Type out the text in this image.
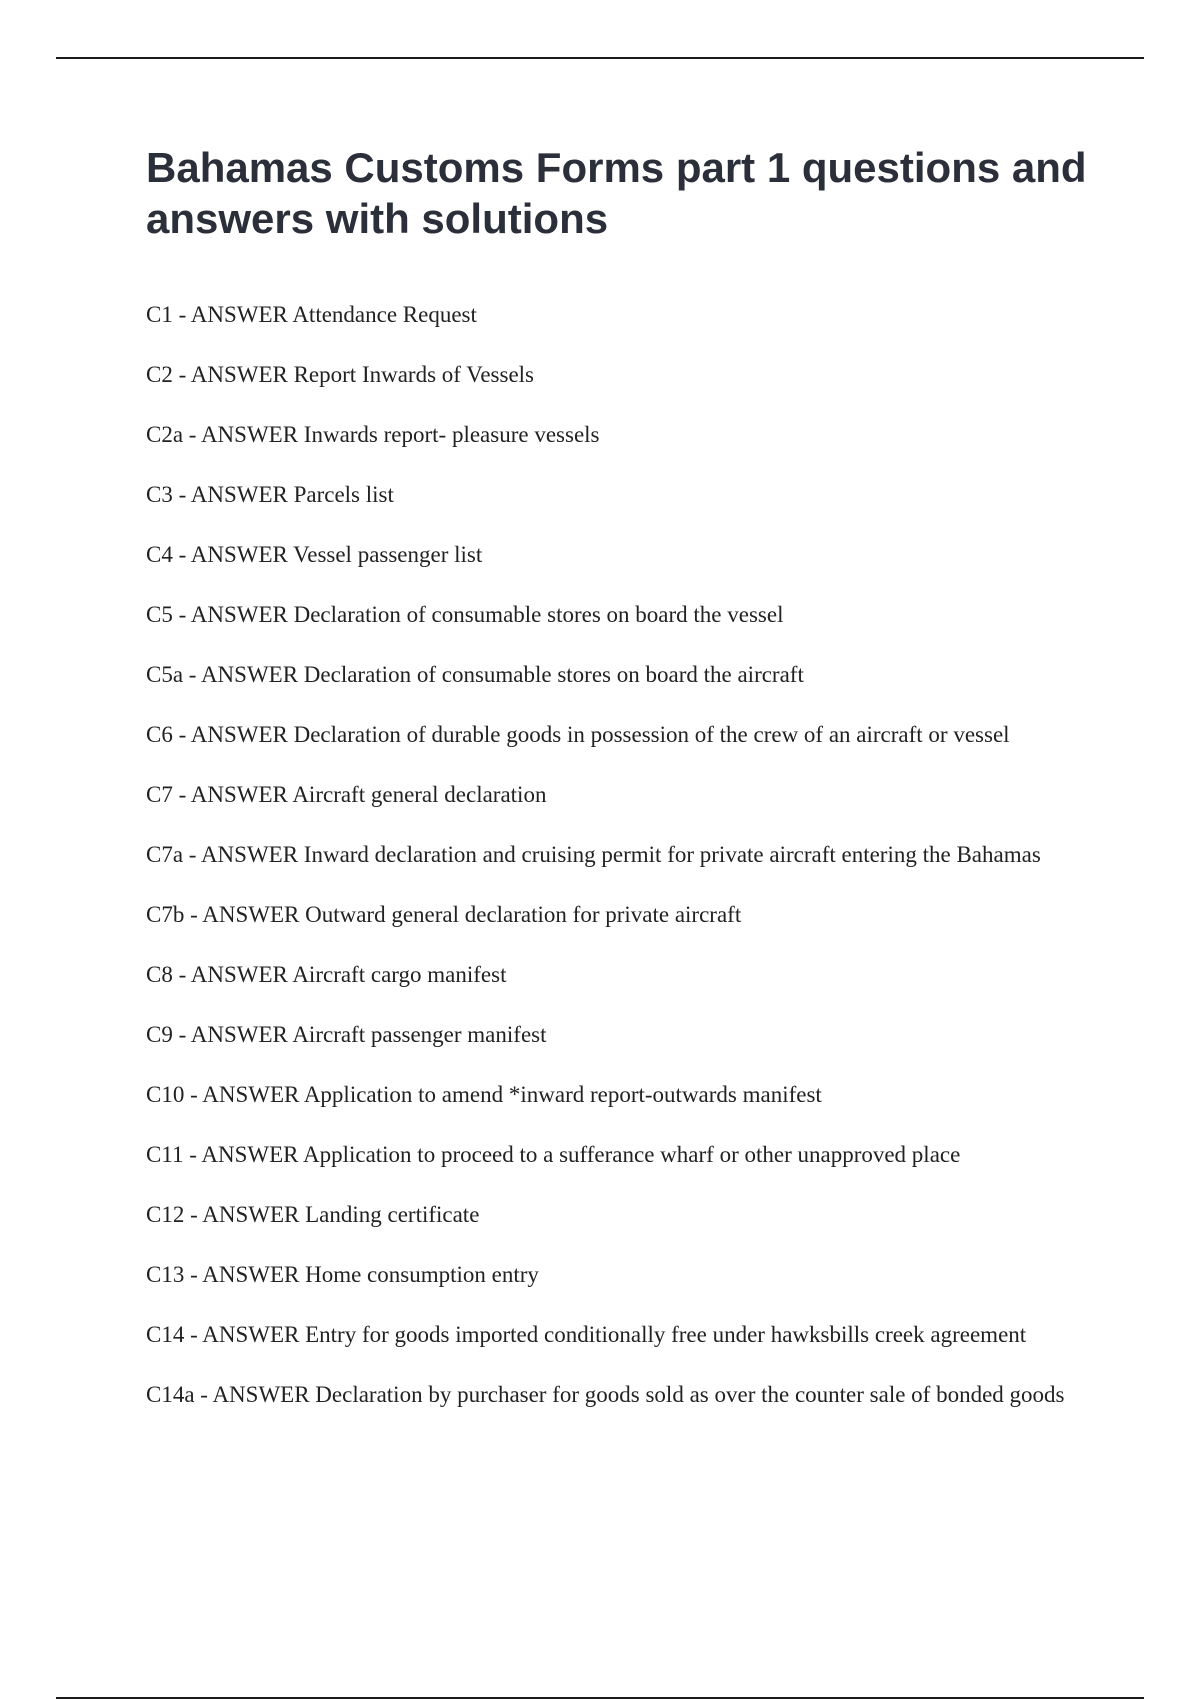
Bahamas Customs Forms part 1 questions and answers with solutions
C1 - ANSWER Attendance Request
C2 - ANSWER Report Inwards of Vessels
C2a - ANSWER Inwards report- pleasure vessels
C3 - ANSWER Parcels list
C4 - ANSWER Vessel passenger list
C5 - ANSWER Declaration of consumable stores on board the vessel
C5a - ANSWER Declaration of consumable stores on board the aircraft
C6 - ANSWER Declaration of durable goods in possession of the crew of an aircraft or vessel
C7 - ANSWER Aircraft general declaration
C7a - ANSWER Inward declaration and cruising permit for private aircraft entering the Bahamas
C7b - ANSWER Outward general declaration for private aircraft
C8 - ANSWER Aircraft cargo manifest
C9 - ANSWER Aircraft passenger manifest
C10 - ANSWER Application to amend *inward report-outwards manifest
C11 - ANSWER Application to proceed to a sufferance wharf or other unapproved place
C12 - ANSWER Landing certificate
C13 - ANSWER Home consumption entry
C14 - ANSWER Entry for goods imported conditionally free under hawksbills creek agreement
C14a - ANSWER Declaration by purchaser for goods sold as over the counter sale of bonded goods
